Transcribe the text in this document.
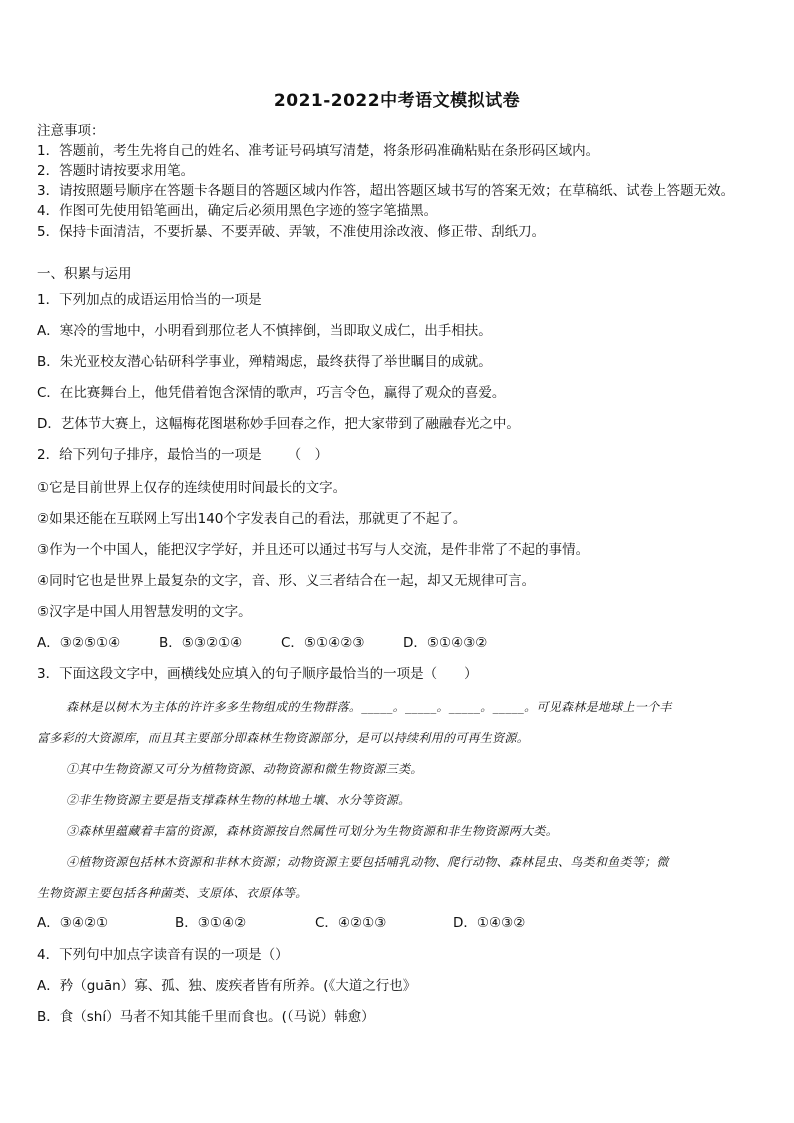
2021-2022中考语文模拟试卷
注意事项：
1．答题前，考生先将自己的姓名、准考证号码填写清楚，将条形码准确粘贴在条形码区域内。
2．答题时请按要求用笔。
3．请按照题号顺序在答题卡各题目的答题区域内作答，超出答题区域书写的答案无效；在草稿纸、试卷上答题无效。
4．作图可先使用铅笔画出，确定后必须用黑色字迹的签字笔描黑。
5．保持卡面清洁，不要折暴、不要弄破、弄皱，不准使用涂改液、修正带、刮纸刀。
一、积累与运用
1．下列加点的成语运用恰当的一项是
A．寒冷的雪地中，小明看到那位老人不慎摔倒，当即取义成仁，出手相扶。
B．朱光亚校友潜心钻研科学事业，殚精竭虑，最终获得了举世瞩目的成就。
C．在比赛舞台上，他凭借着饱含深情的歌声，巧言令色，赢得了观众的喜爱。
D．艺体节大赛上，这幅梅花图堪称妙手回春之作，把大家带到了融融春光之中。
2．给下列句子排序，最恰当的一项是 （　）
①它是目前世界上仅存的连续使用时间最长的文字。
②如果还能在互联网上写出140个字发表自己的看法，那就更了不起了。
③作为一个中国人，能把汉字学好，并且还可以通过书写与人交流，是件非常了不起的事情。
④同时它也是世界上最复杂的文字，音、形、义三者结合在一起，却又无规律可言。
⑤汉字是中国人用智慧发明的文字。
A．③②⑤①④	B．⑤③②①④	C．⑤①④②③	D．⑤①④③②
3．下面这段文字中，画横线处应填入的句子顺序最恰当的一项是（　　）
森林是以树木为主体的许许多多生物组成的生物群落。_____。_____。_____。_____。可见森林是地球上一个丰
富多彩的大资源库，而且其主要部分即森林生物资源部分，是可以持续利用的可再生资源。
①其中生物资源又可分为植物资源、动物资源和微生物资源三类。
②非生物资源主要是指支撑森林生物的林地土壤、水分等资源。
③森林里蕴藏着丰富的资源，森林资源按自然属性可划分为生物资源和非生物资源两大类。
④植物资源包括林木资源和非林木资源；动物资源主要包括哺乳动物、爬行动物、森林昆虫、鸟类和鱼类等；微
生物资源主要包括各种菌类、支原体、衣原体等。
A．③④②①	B．③①④②	C．④②①③	D．①④③②
4．下列句中加点字读音有误的一项是（）
A．矜（guān）寡、孤、独、废疾者皆有所养。(《大道之行也》
B．食（shí）马者不知其能千里而食也。(（马说）韩愈）
